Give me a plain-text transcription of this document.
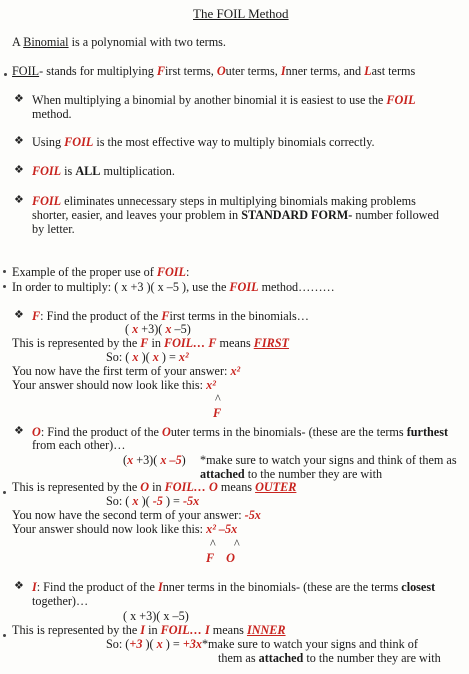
The FOIL Method
A Binomial is a polynomial with two terms.
FOIL- stands for multiplying First terms, Outer terms, Inner terms, and Last terms
❖ When multiplying a binomial by another binomial it is easiest to use the FOIL
method.
❖ Using FOIL is the most effective way to multiply binomials correctly.
❖ FOIL is ALL multiplication.
❖ FOIL eliminates unnecessary steps in multiplying binomials making problems
shorter, easier, and leaves your problem in STANDARD FORM- number followed
by letter.
Example of the proper use of FOIL:
In order to multiply: ( x +3 )( x –5 ), use the FOIL method………
❖ F: Find the product of the First terms in the binomials…
( x +3)( x –5)
This is represented by the F in FOIL… F means FIRST
So: ( x )( x ) = x²
You now have the first term of your answer: x²
Your answer should now look like this: x²
^
F
❖ O: Find the product of the Outer terms in the binomials- (these are the terms furthest
from each other)…
(x +3)( x –5) *make sure to watch your signs and think of them as
attached to the number they are with
This is represented by the O in FOIL… O means OUTER
So: ( x )( -5 ) = -5x
You now have the second term of your answer: -5x
Your answer should now look like this: x² –5x
^      ^
F    O
❖ I: Find the product of the Inner terms in the binomials- (these are the terms closest
together)…
( x +3)( x –5)
This is represented by the I in FOIL… I means INNER
So: (+3 )( x ) = +3x*make sure to watch your signs and think of
them as attached to the number they are with
